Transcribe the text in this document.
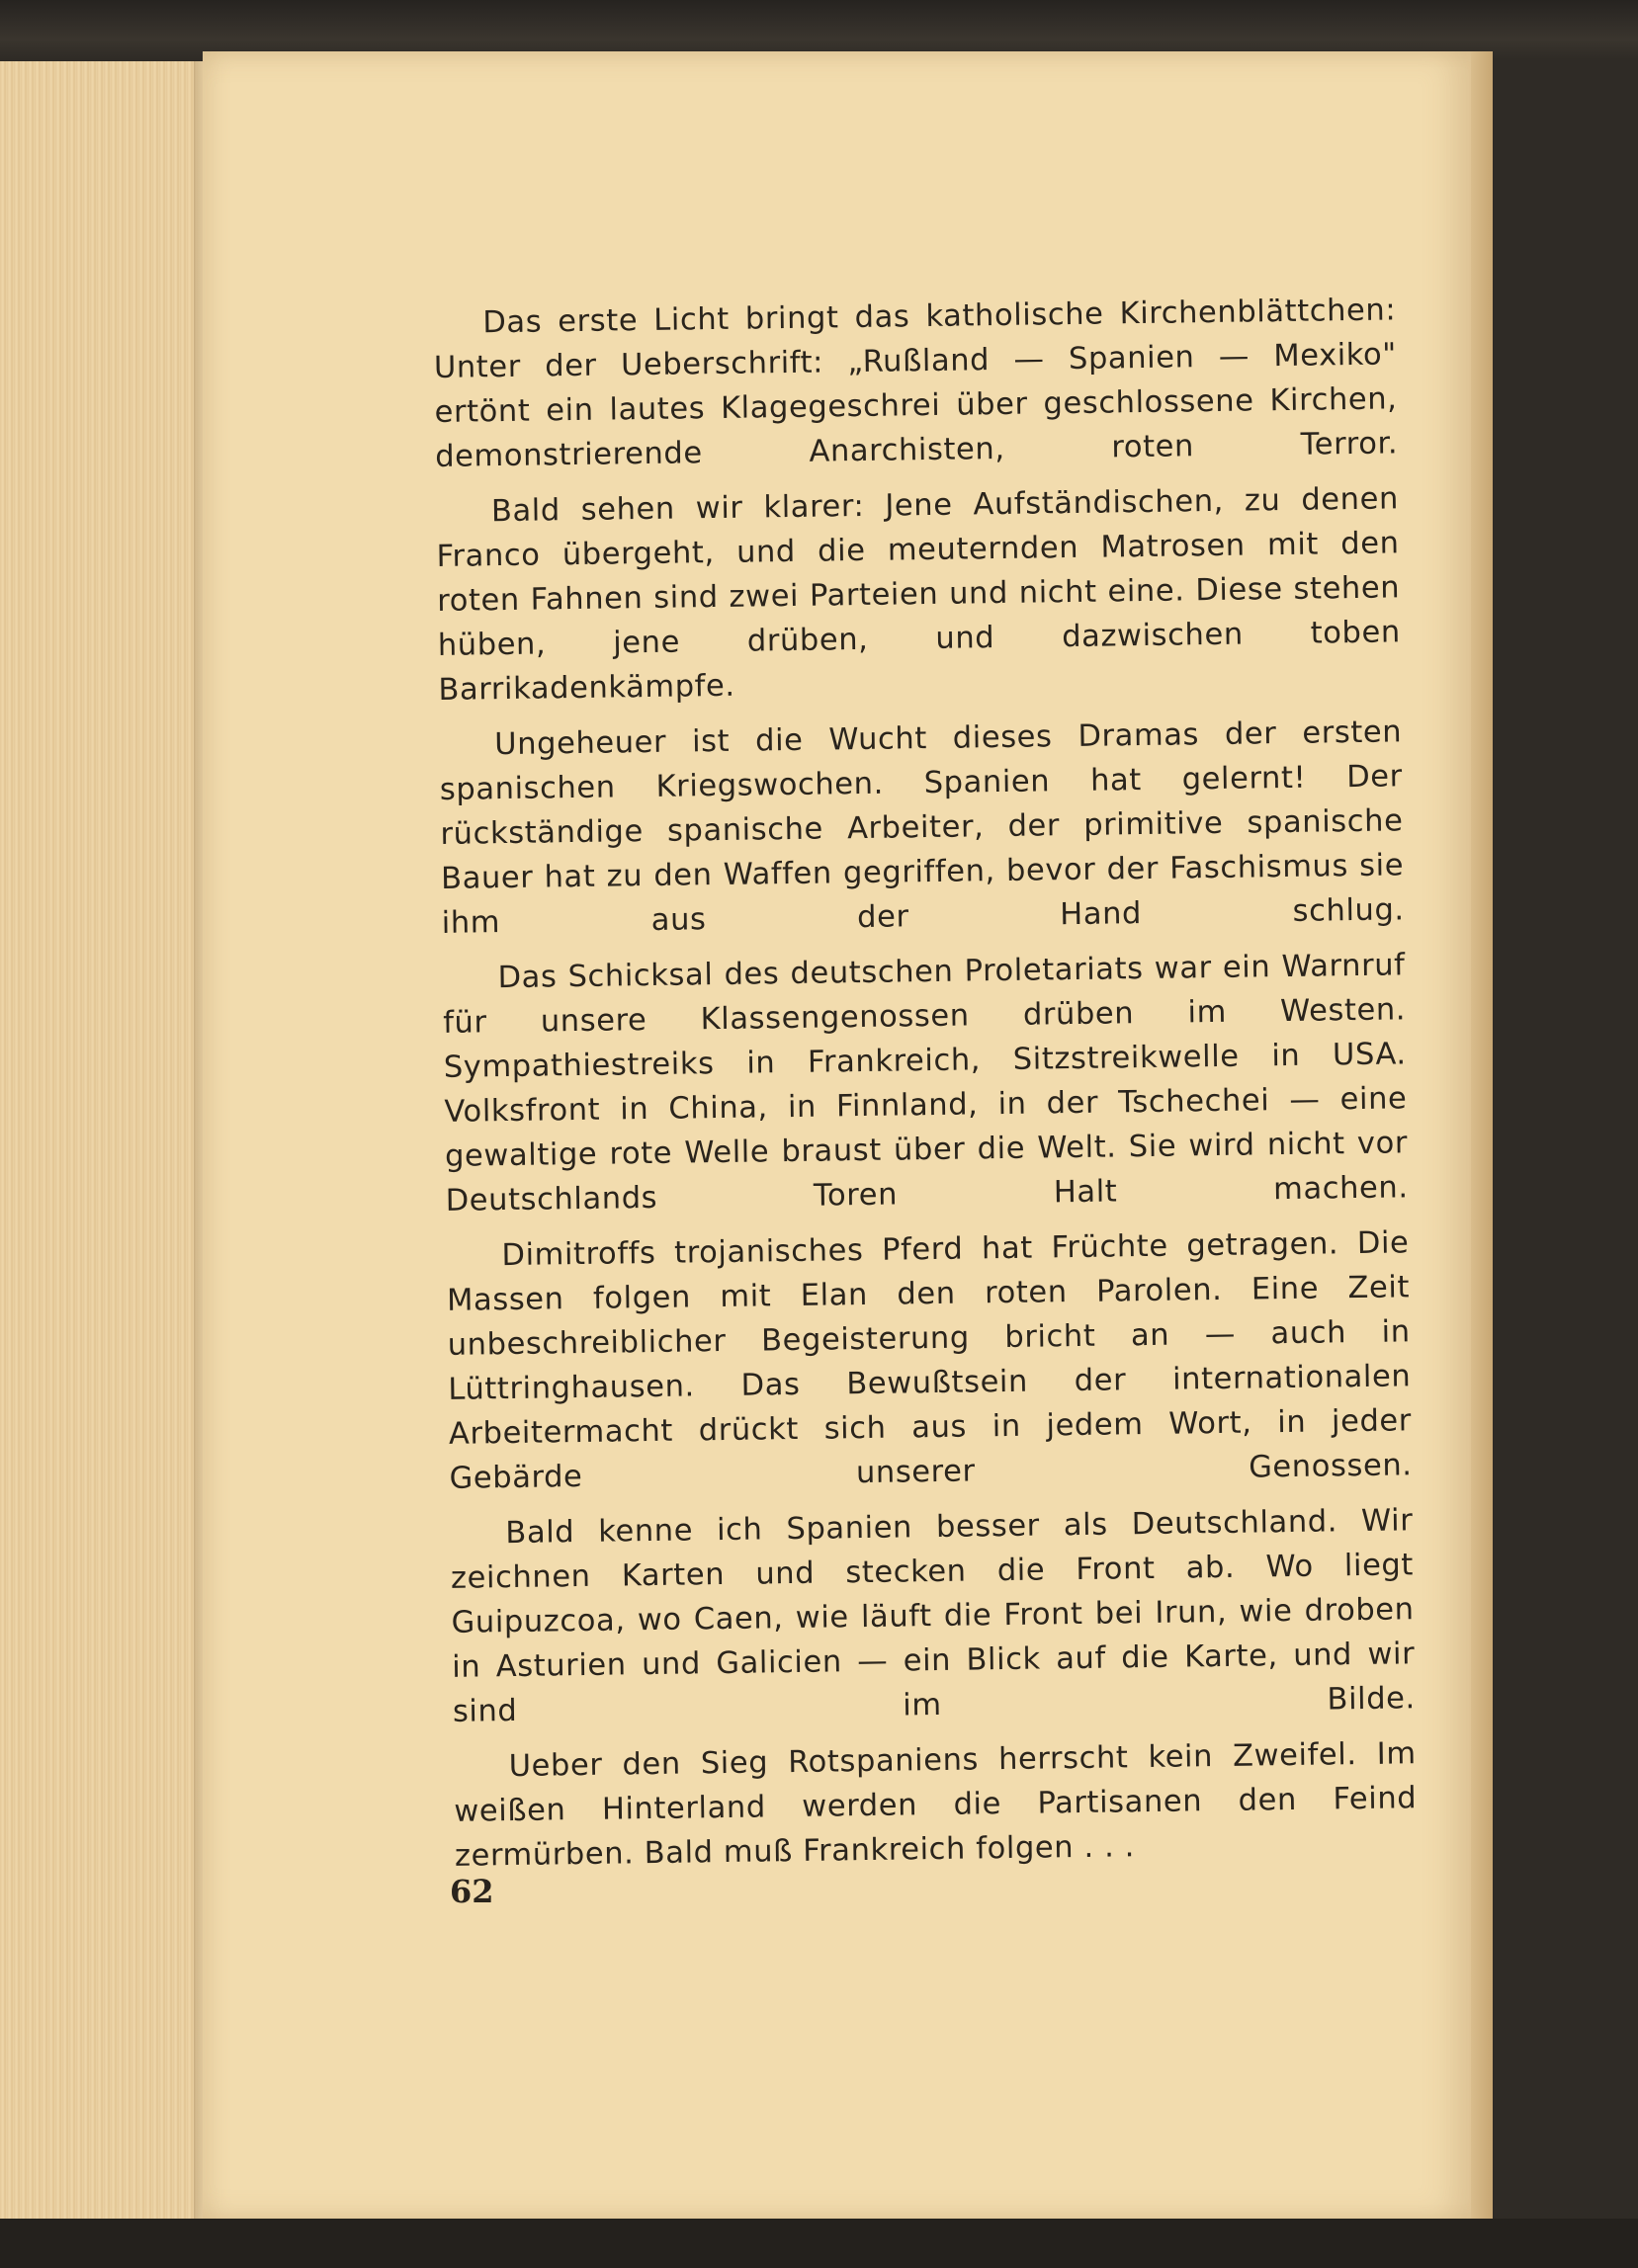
Das erste Licht bringt das katholische Kirchenblättchen: Unter der Ueberschrift: „Rußland — Spanien — Mexiko" ertönt ein lautes Klagegeschrei über geschlossene Kirchen, demonstrierende Anarchisten, roten Terror.

Bald sehen wir klarer: Jene Aufständischen, zu denen Franco übergeht, und die meuternden Matrosen mit den roten Fahnen sind zwei Parteien und nicht eine. Diese stehen hüben, jene drüben, und dazwischen toben Barrikadenkämpfe.

Ungeheuer ist die Wucht dieses Dramas der ersten spanischen Kriegswochen. Spanien hat gelernt! Der rückständige spanische Arbeiter, der primitive spanische Bauer hat zu den Waffen gegriffen, bevor der Faschismus sie ihm aus der Hand schlug.

Das Schicksal des deutschen Proletariats war ein Warnruf für unsere Klassengenossen drüben im Westen. Sympathiestreiks in Frankreich, Sitzstreikwelle in USA. Volksfront in China, in Finnland, in der Tschechei — eine gewaltige rote Welle braust über die Welt. Sie wird nicht vor Deutschlands Toren Halt machen.

Dimitroffs trojanisches Pferd hat Früchte getragen. Die Massen folgen mit Elan den roten Parolen. Eine Zeit unbeschreiblicher Begeisterung bricht an — auch in Lüttringhausen. Das Bewußtsein der internationalen Arbeitermacht drückt sich aus in jedem Wort, in jeder Gebärde unserer Genossen.

Bald kenne ich Spanien besser als Deutschland. Wir zeichnen Karten und stecken die Front ab. Wo liegt Guipuzcoa, wo Caen, wie läuft die Front bei Irun, wie droben in Asturien und Galicien — ein Blick auf die Karte, und wir sind im Bilde.

Ueber den Sieg Rotspaniens herrscht kein Zweifel. Im weißen Hinterland werden die Partisanen den Feind zermürben. Bald muß Frankreich folgen . . .

62
